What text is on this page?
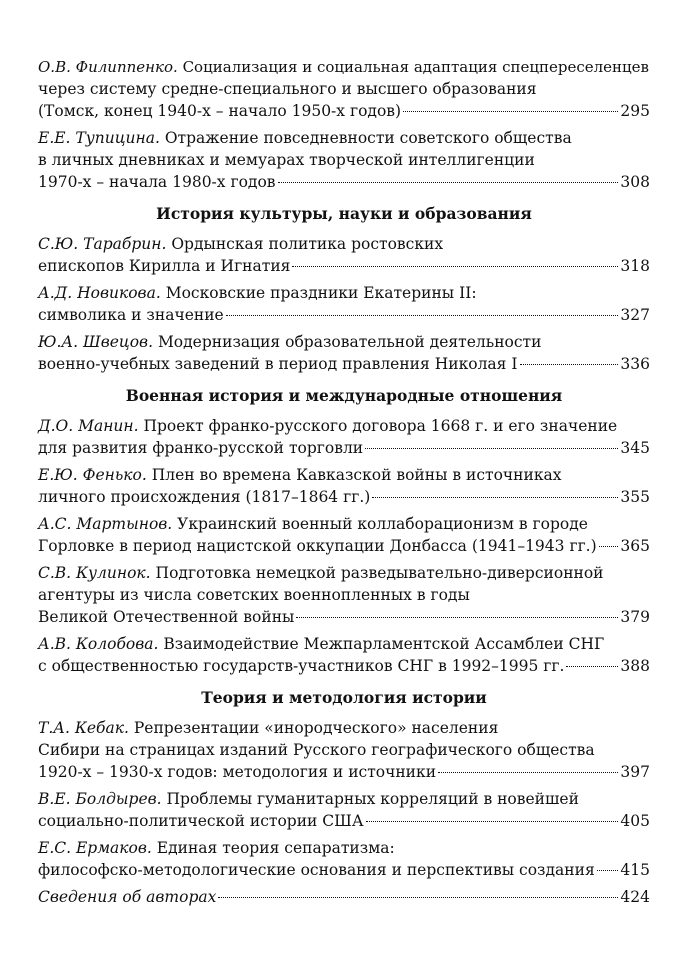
О.В. Филиппенко. Социализация и социальная адаптация спецпереселенцев
через систему средне-специального и высшего образования
(Томск, конец 1940-х – начало 1950-х годов)	295
Е.Е. Тупицина. Отражение повседневности советского общества
в личных дневниках и мемуарах творческой интеллигенции
1970-х – начала 1980-х годов	308
История культуры, науки и образования
С.Ю. Тарабрин. Ордынская политика ростовских
епископов Кирилла и Игнатия	318
А.Д. Новикова. Московские праздники Екатерины II:
символика и значение	327
Ю.А. Швецов. Модернизация образовательной деятельности
военно-учебных заведений в период правления Николая I	336
Военная история и международные отношения
Д.О. Манин. Проект франко-русского договора 1668 г. и его значение
для развития франко-русской торговли	345
Е.Ю. Фенько. Плен во времена Кавказской войны в источниках
личного происхождения (1817–1864 гг.)	355
А.С. Мартынов. Украинский военный коллаборационизм в городе
Горловке в период нацистской оккупации Донбасса (1941–1943 гг.) 365
С.В. Кулинок. Подготовка немецкой разведывательно-диверсионной
агентуры из числа советских военнопленных в годы
Великой Отечественной войны	379
А.В. Колобова. Взаимодействие Межпарламентской Ассамблеи СНГ
с общественностью государств-участников СНГ в 1992–1995 гг.	388
Теория и методология истории
Т.А. Кебак. Репрезентации «инородческого» населения
Сибири на страницах изданий Русского географического общества
1920-х – 1930-х годов: методология и источники	397
В.Е. Болдырев. Проблемы гуманитарных корреляций в новейшей
социально-политической истории США	405
Е.С. Ермаков. Единая теория сепаратизма:
философско-методологические основания и перспективы создания 415
Сведения об авторах	424
